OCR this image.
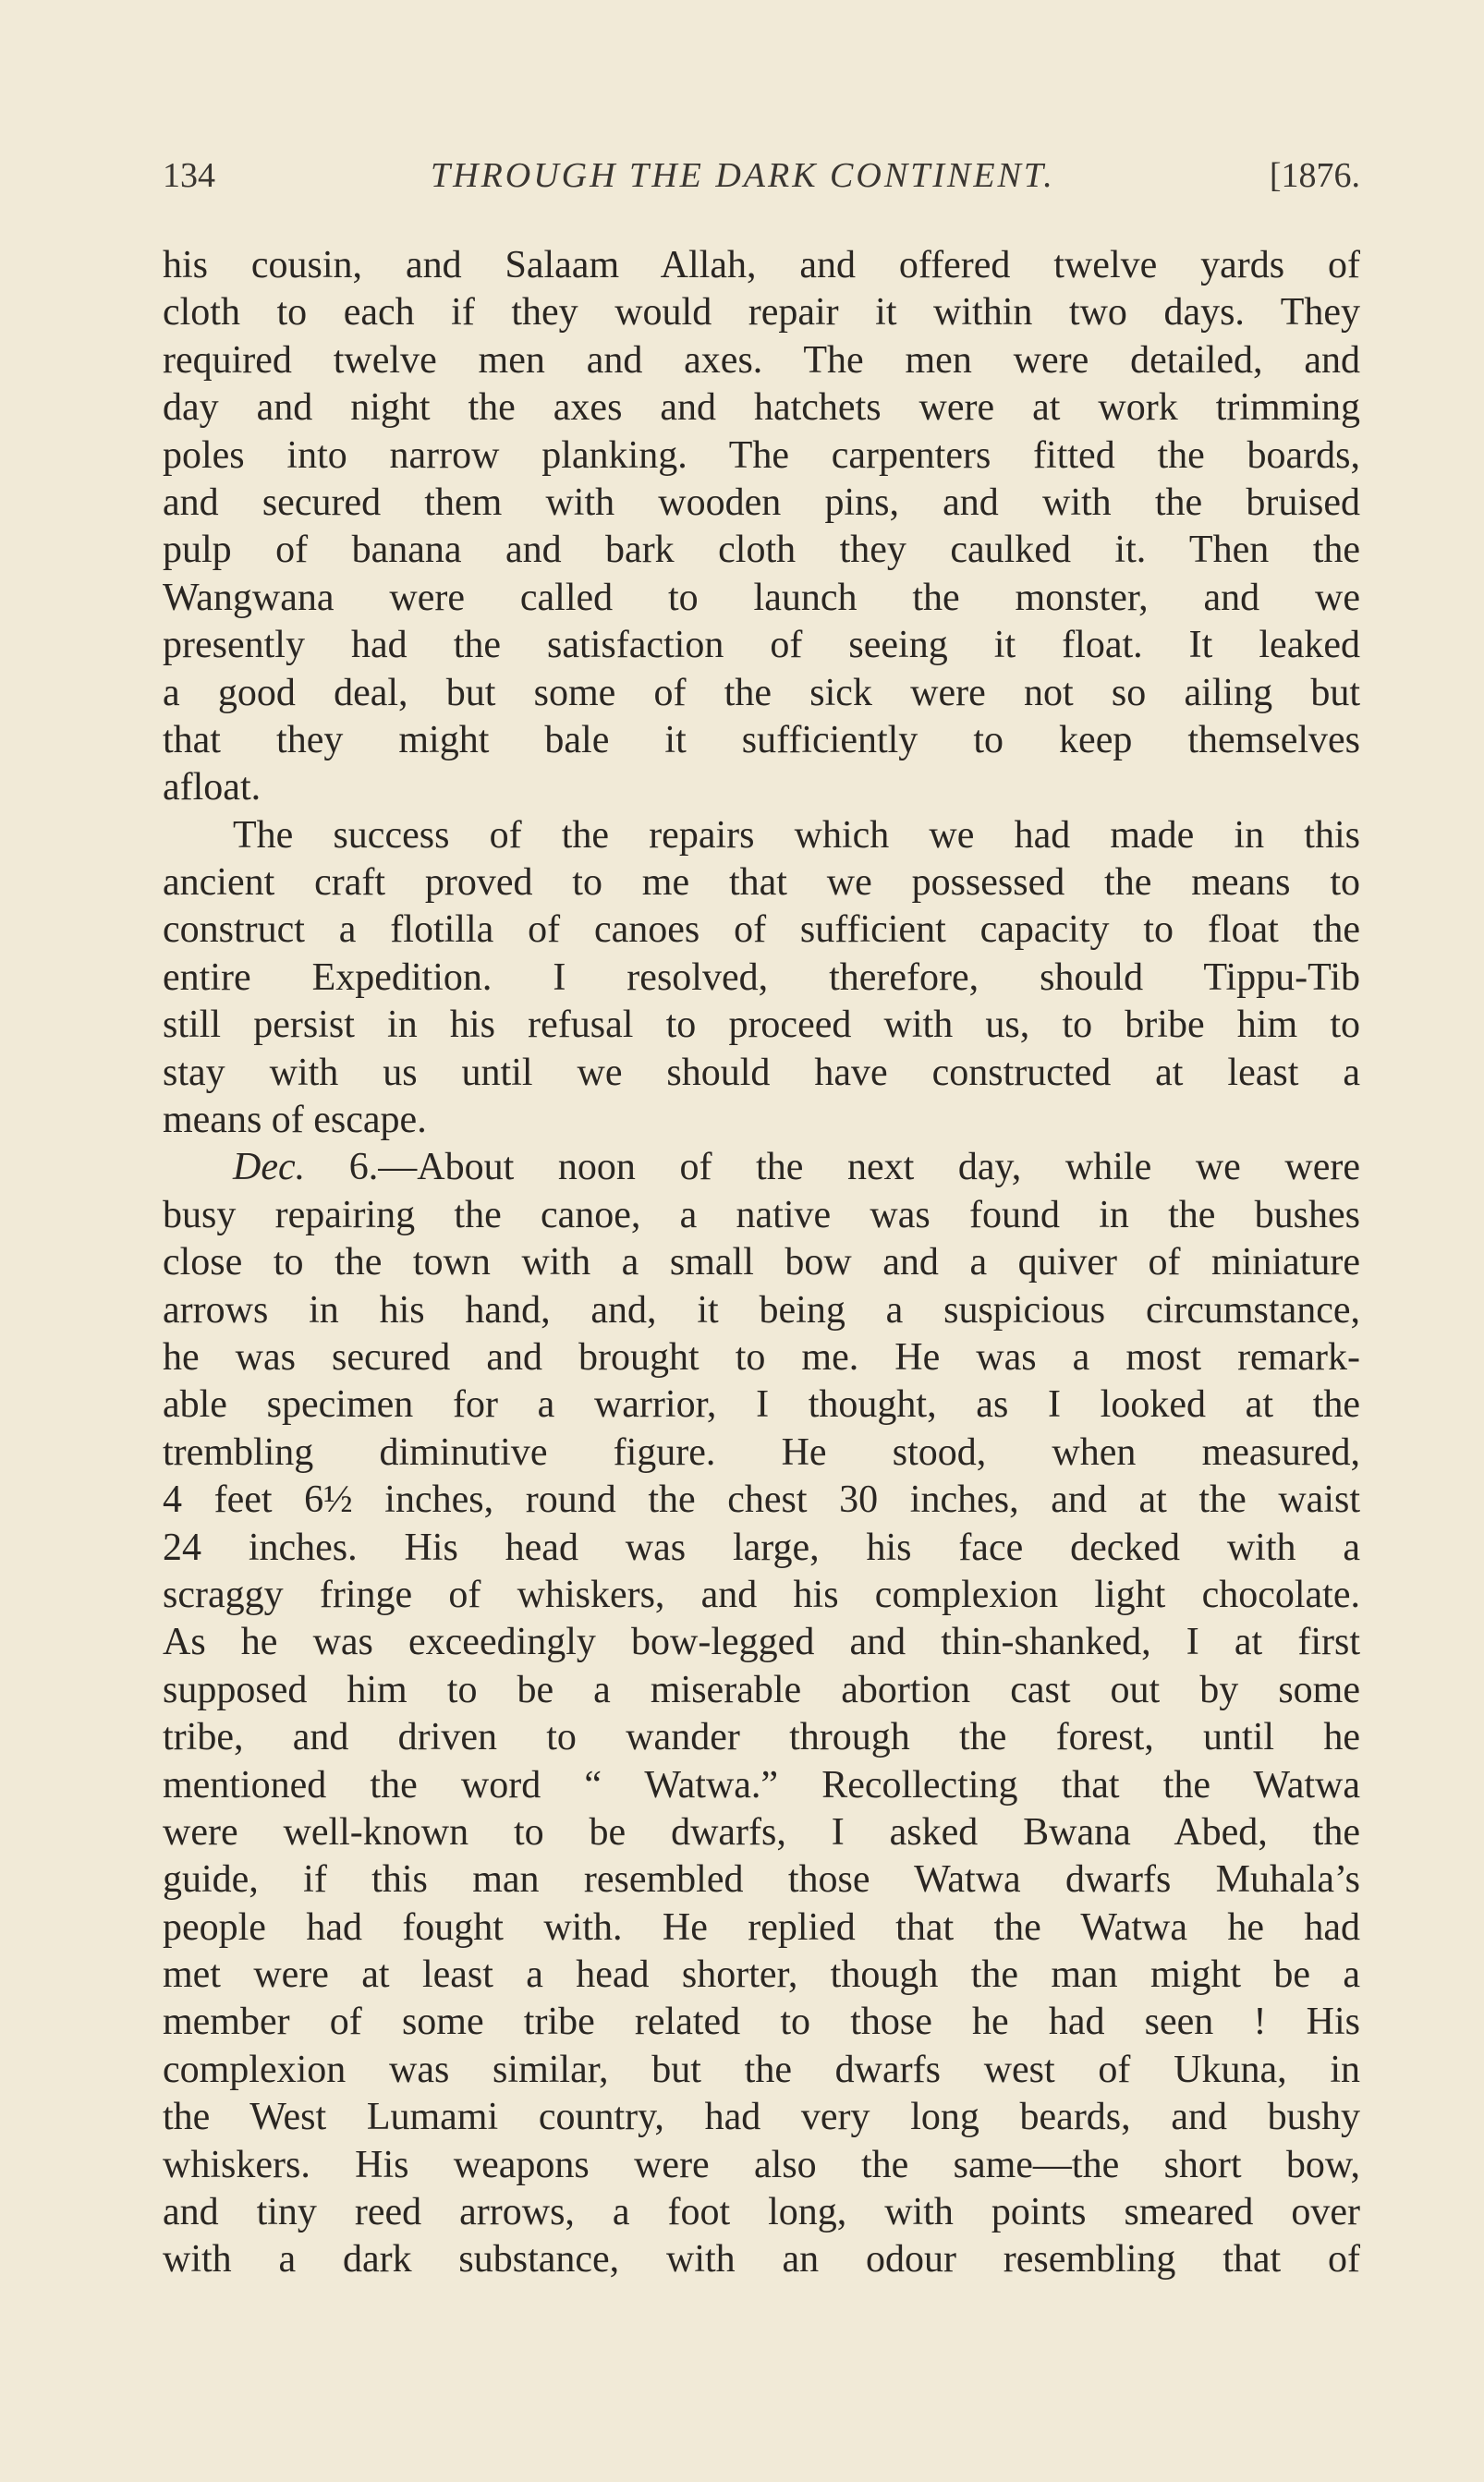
134	THROUGH THE DARK CONTINENT.	[1876.
his cousin, and Salaam Allah, and offered twelve yards of
cloth to each if they would repair it within two days. They
required twelve men and axes. The men were detailed, and
day and night the axes and hatchets were at work trimming
poles into narrow planking. The carpenters fitted the boards,
and secured them with wooden pins, and with the bruised
pulp of banana and bark cloth they caulked it. Then the
Wangwana were called to launch the monster, and we
presently had the satisfaction of seeing it float. It leaked
a good deal, but some of the sick were not so ailing but
that they might bale it sufficiently to keep themselves
afloat.
The success of the repairs which we had made in this
ancient craft proved to me that we possessed the means to
construct a flotilla of canoes of sufficient capacity to float the
entire Expedition. I resolved, therefore, should Tippu-Tib
still persist in his refusal to proceed with us, to bribe him to
stay with us until we should have constructed at least a
means of escape.
Dec. 6.—About noon of the next day, while we were
busy repairing the canoe, a native was found in the bushes
close to the town with a small bow and a quiver of miniature
arrows in his hand, and, it being a suspicious circumstance,
he was secured and brought to me. He was a most remark-
able specimen for a warrior, I thought, as I looked at the
trembling diminutive figure. He stood, when measured,
4 feet 6½ inches, round the chest 30 inches, and at the waist
24 inches. His head was large, his face decked with a
scraggy fringe of whiskers, and his complexion light chocolate.
As he was exceedingly bow-legged and thin-shanked, I at first
supposed him to be a miserable abortion cast out by some
tribe, and driven to wander through the forest, until he
mentioned the word “ Watwa.” Recollecting that the Watwa
were well-known to be dwarfs, I asked Bwana Abed, the
guide, if this man resembled those Watwa dwarfs Muhala’s
people had fought with. He replied that the Watwa he had
met were at least a head shorter, though the man might be a
member of some tribe related to those he had seen ! His
complexion was similar, but the dwarfs west of Ukuna, in
the West Lumami country, had very long beards, and bushy
whiskers. His weapons were also the same—the short bow,
and tiny reed arrows, a foot long, with points smeared over
with a dark substance, with an odour resembling that of
